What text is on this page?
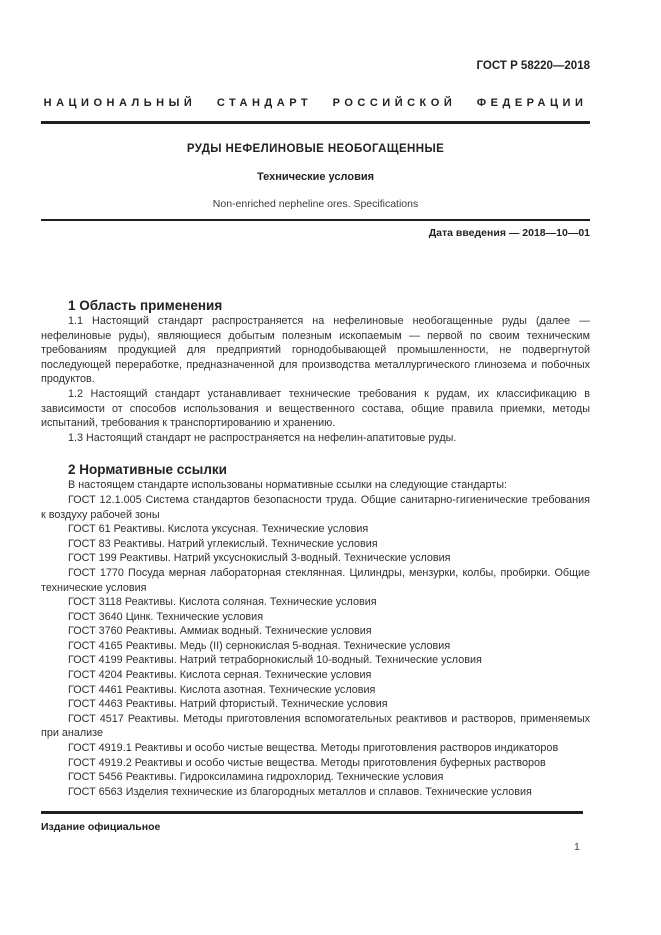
ГОСТ Р 58220—2018
НАЦИОНАЛЬНЫЙ СТАНДАРТ РОССИЙСКОЙ ФЕДЕРАЦИИ
РУДЫ НЕФЕЛИНОВЫЕ НЕОБОГАЩЕННЫЕ
Технические условия
Non-enriched nepheline ores. Specifications
Дата введения — 2018—10—01
1 Область применения

1.1 Настоящий стандарт распространяется на нефелиновые необогащенные руды (далее — нефелиновые руды), являющиеся добытым полезным ископаемым — первой по своим техническим требованиям продукцией для предприятий горнодобывающей промышленности, не подвергнутой последующей переработке, предназначенной для производства металлургического глинозема и побочных продуктов.

1.2 Настоящий стандарт устанавливает технические требования к рудам, их классификацию в зависимости от способов использования и вещественного состава, общие правила приемки, методы испытаний, требования к транспортированию и хранению.

1.3 Настоящий стандарт не распространяется на нефелин-апатитовые руды.

2 Нормативные ссылки

В настоящем стандарте использованы нормативные ссылки на следующие стандарты:

ГОСТ 12.1.005 Система стандартов безопасности труда. Общие санитарно-гигиенические требования к воздуху рабочей зоны

ГОСТ 61 Реактивы. Кислота уксусная. Технические условия

ГОСТ 83 Реактивы. Натрий углекислый. Технические условия

ГОСТ 199 Реактивы. Натрий уксуснокислый 3-водный. Технические условия

ГОСТ 1770 Посуда мерная лабораторная стеклянная. Цилиндры, мензурки, колбы, пробирки. Общие технические условия

ГОСТ 3118 Реактивы. Кислота соляная. Технические условия

ГОСТ 3640 Цинк. Технические условия

ГОСТ 3760 Реактивы. Аммиак водный. Технические условия

ГОСТ 4165 Реактивы. Медь (II) сернокислая 5-водная. Технические условия

ГОСТ 4199 Реактивы. Натрий тетраборнокислый 10-водный. Технические условия

ГОСТ 4204 Реактивы. Кислота серная. Технические условия

ГОСТ 4461 Реактивы. Кислота азотная. Технические условия

ГОСТ 4463 Реактивы. Натрий фтористый. Технические условия

ГОСТ 4517 Реактивы. Методы приготовления вспомогательных реактивов и растворов, применяемых при анализе

ГОСТ 4919.1 Реактивы и особо чистые вещества. Методы приготовления растворов индикаторов

ГОСТ 4919.2 Реактивы и особо чистые вещества. Методы приготовления буферных растворов

ГОСТ 5456 Реактивы. Гидроксиламина гидрохлорид. Технические условия

ГОСТ 6563 Изделия технические из благородных металлов и сплавов. Технические условия

Издание официальное
1
